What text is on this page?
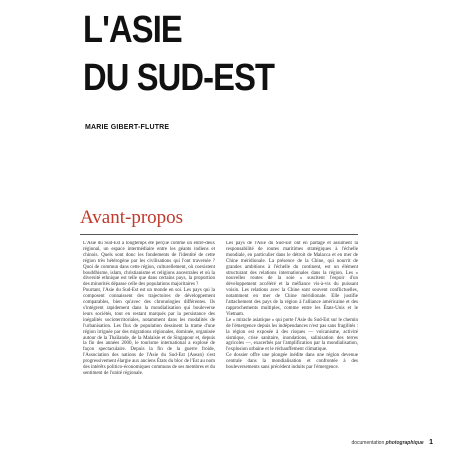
L'ASIE
DU SUD-EST
MARIE GIBERT-FLUTRE
Avant-propos

L'Asie du Sud-Est a longtemps été perçue comme un entre-deux régional, un espace intermédiaire entre les géants indiens et chinois. Quels sont donc les fondements de l'identité de cette région très hétérogène par les civilisations qui l'ont traversée ? Quoi de commun dans cette région, culturellement, où coexistent bouddhisme, islam, christianisme et religions ancestrales et où la diversité ethnique est telle que dans certains pays, la proportion des minorités dépasse celle des populations majoritaires ?

Pourtant, l'Asie du Sud-Est est un monde en soi. Les pays qui la composent connaissent des trajectoires de développement comparables, bien qu'avec des chronologies différentes. Ils s'intègrent rapidement dans la mondialisation qui bouleverse leurs sociétés, tout en restant marqués par la persistance des inégalités socioterritoriales, notamment dans les modalités de l'urbanisation. Les flux de population dessinent la trame d'une région irriguée par des migrations régionales, dominée, organisée autour de la Thaïlande, de la Malaisie et de Singapour et, depuis la fin des années 2000, le tourisme international a explosé de façon spectaculaire. Depuis la fin de la guerre froide, l'Association des nations de l'Asie du Sud-Est (Asean) s'est progressivement élargie aux anciens États du bloc de l'Est au nom des intérêts politico-économiques communs de ses membres et du sentiment de l'unité régionale.

Les pays de l'Asie du Sud-Est ont en partage et assument la responsabilité de routes maritimes stratégiques à l'échelle mondiale, en particulier dans le détroit de Malacca et en mer de Chine méridionale. La présence de la Chine, qui nourrit de grandes ambitions à l'échelle du continent, est un élément structurant des relations internationales dans la région. Les « nouvelles routes de la soie » suscitent l'espoir d'un développement accéléré et la méfiance vis-à-vis du puissant voisin. Les relations avec la Chine sont souvent conflictuelles, notamment en mer de Chine méridionale. Elle justifie l'attachement des pays de la région à l'alliance américaine et des rapprochements multiples, comme entre les États-Unis et le Vietnam.

Le « miracle asiatique » qui porte l'Asie du Sud-Est sur le chemin de l'émergence depuis les indépendances n'est pas sans fragilités : la région est exposée à des risques — volcanisme, activité sismique, crise sanitaire, inondations, salinisation des terres agricoles —, exacerbés par l'amplification par la mondialisation, l'explosion urbaine et le réchauffement climatique.

Ce dossier offre une plongée inédite dans une région devenue centrale dans la mondialisation et confrontée à des bouleversements sans précédent induits par l'émergence.

documentation photographique 1
